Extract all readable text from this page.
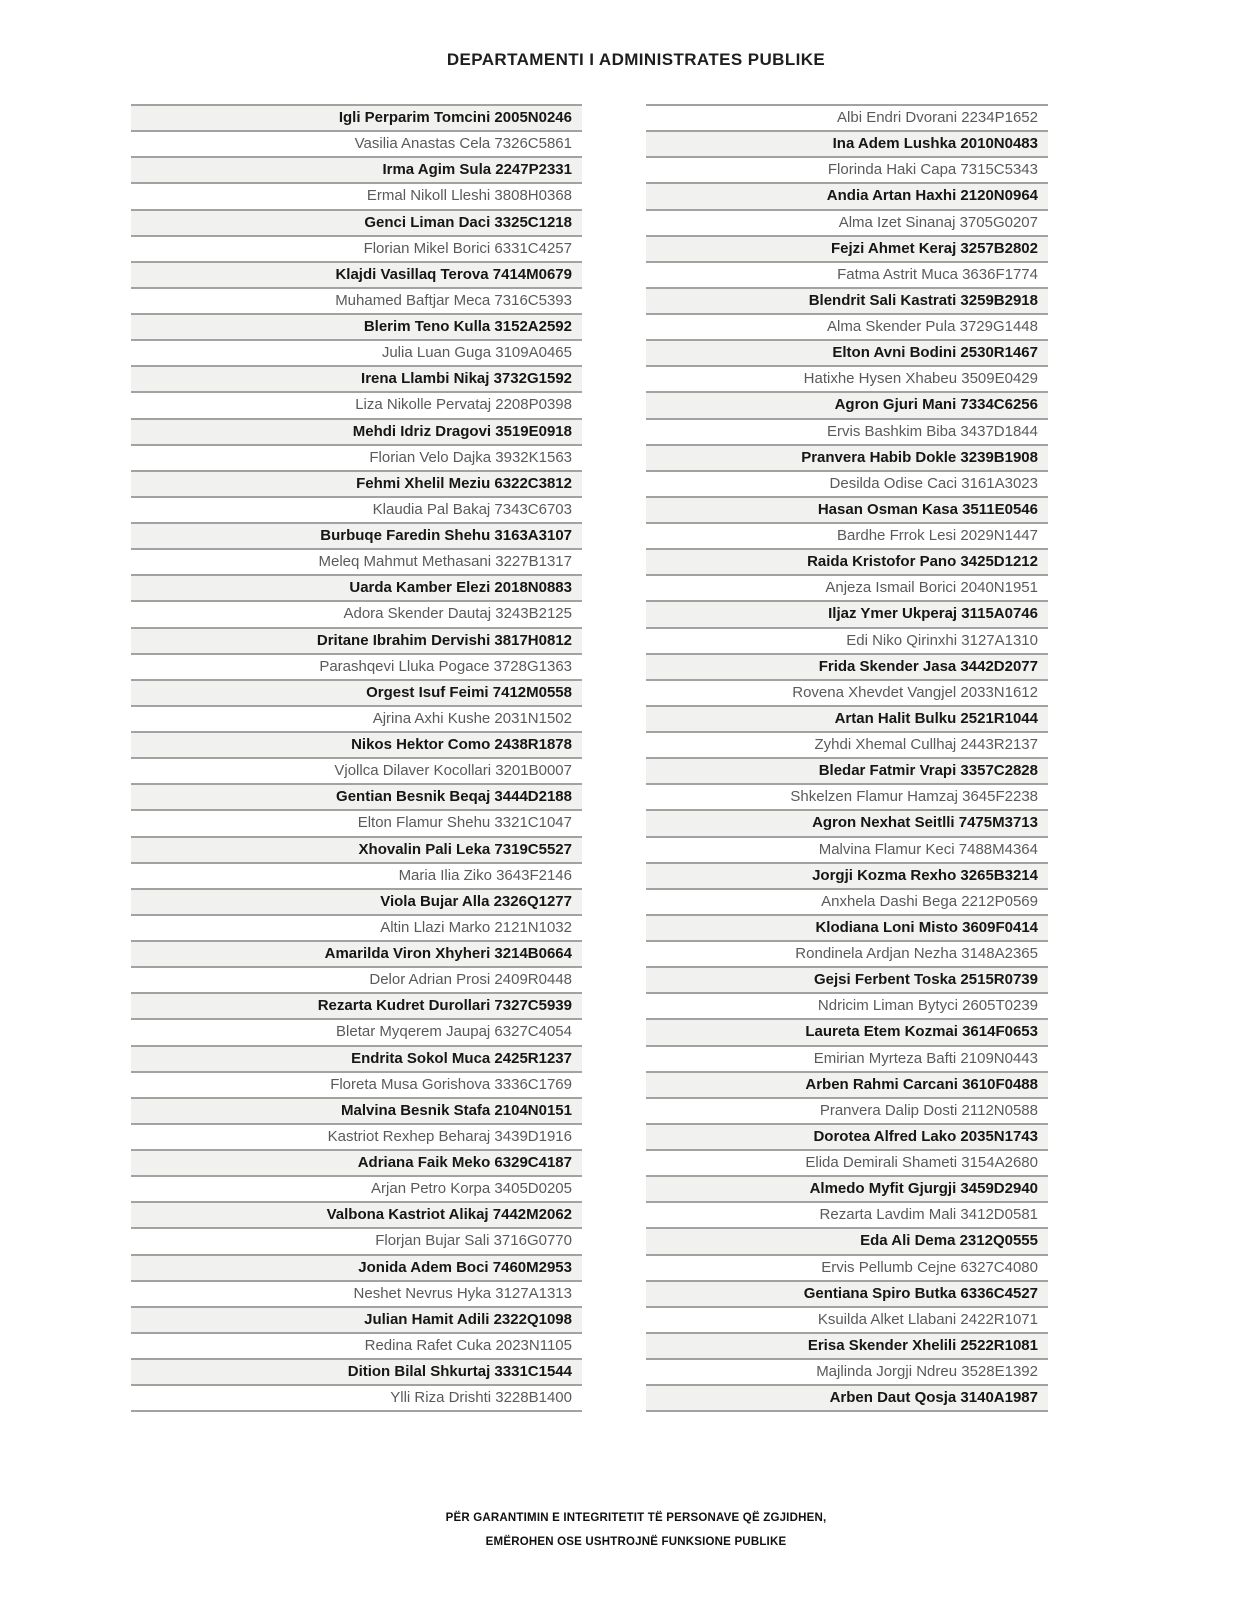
DEPARTAMENTI I ADMINISTRATES PUBLIKE
Igli Perparim Tomcini 2005N0246
Vasilia Anastas Cela 7326C5861
Irma Agim Sula 2247P2331
Ermal Nikoll Lleshi 3808H0368
Genci Liman Daci 3325C1218
Florian Mikel Borici 6331C4257
Klajdi Vasillaq Terova 7414M0679
Muhamed Baftjar Meca 7316C5393
Blerim Teno Kulla 3152A2592
Julia Luan Guga 3109A0465
Irena Llambi Nikaj 3732G1592
Liza Nikolle Pervataj 2208P0398
Mehdi Idriz Dragovi 3519E0918
Florian Velo Dajka 3932K1563
Fehmi Xhelil Meziu 6322C3812
Klaudia Pal Bakaj 7343C6703
Burbuqe Faredin Shehu 3163A3107
Meleq Mahmut Methasani 3227B1317
Uarda Kamber Elezi 2018N0883
Adora Skender Dautaj 3243B2125
Dritane Ibrahim Dervishi 3817H0812
Parashqevi Lluka Pogace 3728G1363
Orgest Isuf Feimi 7412M0558
Ajrina Axhi Kushe 2031N1502
Nikos Hektor Como 2438R1878
Vjollca Dilaver Kocollari 3201B0007
Gentian Besnik Beqaj 3444D2188
Elton Flamur Shehu 3321C1047
Xhovalin Pali Leka 7319C5527
Maria Ilia Ziko 3643F2146
Viola Bujar Alla 2326Q1277
Altin Llazi Marko 2121N1032
Amarilda Viron Xhyheri 3214B0664
Delor Adrian Prosi 2409R0448
Rezarta Kudret Durollari 7327C5939
Bletar Myqerem Jaupaj 6327C4054
Endrita Sokol Muca 2425R1237
Floreta Musa Gorishova 3336C1769
Malvina Besnik Stafa 2104N0151
Kastriot Rexhep Beharaj 3439D1916
Adriana Faik Meko 6329C4187
Arjan Petro Korpa 3405D0205
Valbona Kastriot Alikaj 7442M2062
Florjan Bujar Sali 3716G0770
Jonida Adem Boci 7460M2953
Neshet Nevrus Hyka 3127A1313
Julian Hamit Adili 2322Q1098
Redina Rafet Cuka 2023N1105
Dition Bilal Shkurtaj 3331C1544
Ylli Riza Drishti 3228B1400
Albi Endri Dvorani 2234P1652
Ina Adem Lushka 2010N0483
Florinda Haki Capa 7315C5343
Andia Artan Haxhi 2120N0964
Alma Izet Sinanaj 3705G0207
Fejzi Ahmet Keraj 3257B2802
Fatma Astrit Muca 3636F1774
Blendrit Sali Kastrati 3259B2918
Alma Skender Pula 3729G1448
Elton Avni Bodini 2530R1467
Hatixhe Hysen Xhabeu 3509E0429
Agron Gjuri Mani 7334C6256
Ervis Bashkim Biba 3437D1844
Pranvera Habib Dokle 3239B1908
Desilda Odise Caci 3161A3023
Hasan Osman Kasa 3511E0546
Bardhe Frrok Lesi 2029N1447
Raida Kristofor Pano 3425D1212
Anjeza Ismail Borici 2040N1951
Iljaz Ymer Ukperaj 3115A0746
Edi Niko Qirinxhi 3127A1310
Frida Skender Jasa 3442D2077
Rovena Xhevdet Vangjel 2033N1612
Artan Halit Bulku 2521R1044
Zyhdi Xhemal Cullhaj 2443R2137
Bledar Fatmir Vrapi 3357C2828
Shkelzen Flamur Hamzaj 3645F2238
Agron Nexhat Seitlli 7475M3713
Malvina Flamur Keci 7488M4364
Jorgji Kozma Rexho 3265B3214
Anxhela Dashi Bega 2212P0569
Klodiana Loni Misto 3609F0414
Rondinela Ardjan Nezha 3148A2365
Gejsi Ferbent Toska 2515R0739
Ndricim Liman Bytyci 2605T0239
Laureta Etem Kozmai 3614F0653
Emirian Myrteza Bafti 2109N0443
Arben Rahmi Carcani 3610F0488
Pranvera Dalip Dosti 2112N0588
Dorotea Alfred Lako 2035N1743
Elida Demirali Shameti 3154A2680
Almedo Myfit Gjurgji 3459D2940
Rezarta Lavdim Mali 3412D0581
Eda Ali Dema 2312Q0555
Ervis Pellumb Cejne 6327C4080
Gentiana Spiro Butka 6336C4527
Ksuilda Alket Llabani 2422R1071
Erisa Skender Xhelili 2522R1081
Majlinda Jorgji Ndreu 3528E1392
Arben Daut Qosja 3140A1987
PËR GARANTIMIN E INTEGRITETIT TË PERSONAVE QË ZGJIDHEN,
EMËROHEN OSE USHTROJNË FUNKSIONE PUBLIKE
